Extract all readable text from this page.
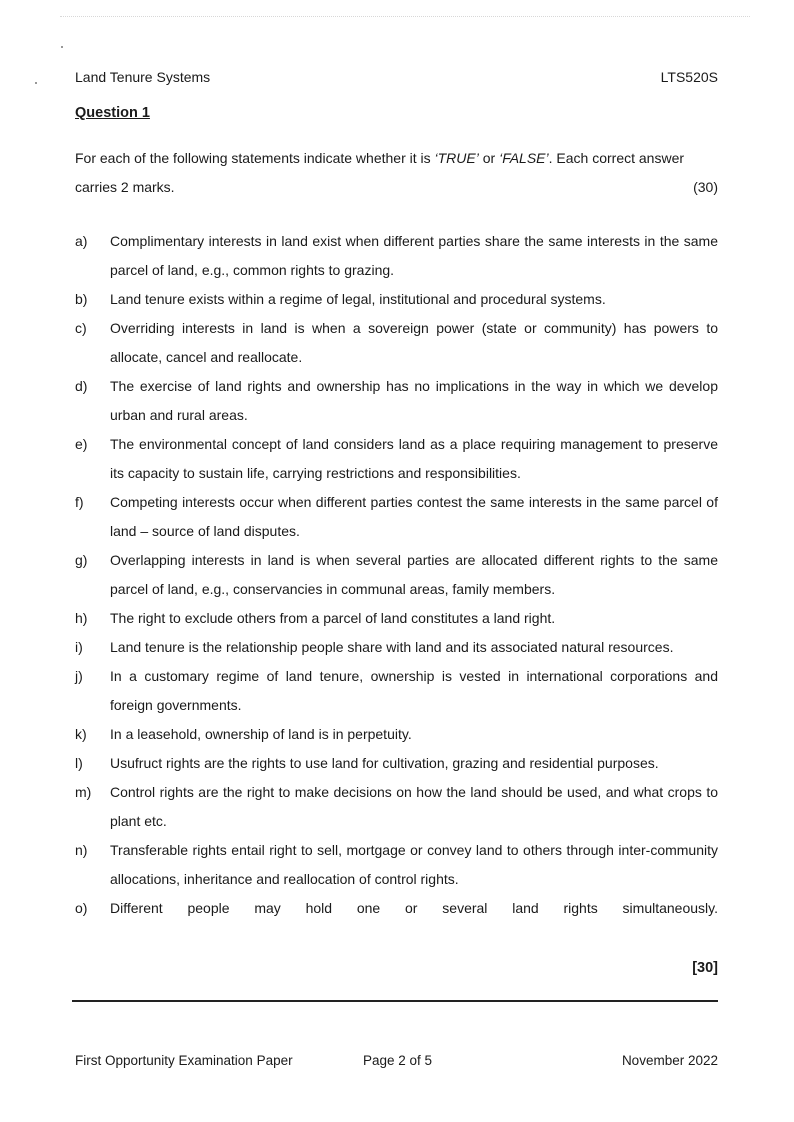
Land Tenure Systems	LTS520S
Question 1
For each of the following statements indicate whether it is ‘TRUE’ or ‘FALSE’. Each correct answer
carries 2 marks.	(30)
a)	Complimentary interests in land exist when different parties share the same interests in the same parcel of land, e.g., common rights to grazing.
b)	Land tenure exists within a regime of legal, institutional and procedural systems.
c)	Overriding interests in land is when a sovereign power (state or community) has powers to allocate, cancel and reallocate.
d)	The exercise of land rights and ownership has no implications in the way in which we develop urban and rural areas.
e)	The environmental concept of land considers land as a place requiring management to preserve its capacity to sustain life, carrying restrictions and responsibilities.
f)	Competing interests occur when different parties contest the same interests in the same parcel of land – source of land disputes.
g)	Overlapping interests in land is when several parties are allocated different rights to the same parcel of land, e.g., conservancies in communal areas, family members.
h)	The right to exclude others from a parcel of land constitutes a land right.
i)	Land tenure is the relationship people share with land and its associated natural resources.
j)	In a customary regime of land tenure, ownership is vested in international corporations and foreign governments.
k)	In a leasehold, ownership of land is in perpetuity.
l)	Usufruct rights are the rights to use land for cultivation, grazing and residential purposes.
m)	Control rights are the right to make decisions on how the land should be used, and what crops to plant etc.
n)	Transferable rights entail right to sell, mortgage or convey land to others through inter-community allocations, inheritance and reallocation of control rights.
o)	Different people may hold one or several land rights simultaneously.
[30]
First Opportunity Examination Paper	Page 2 of 5	November 2022
